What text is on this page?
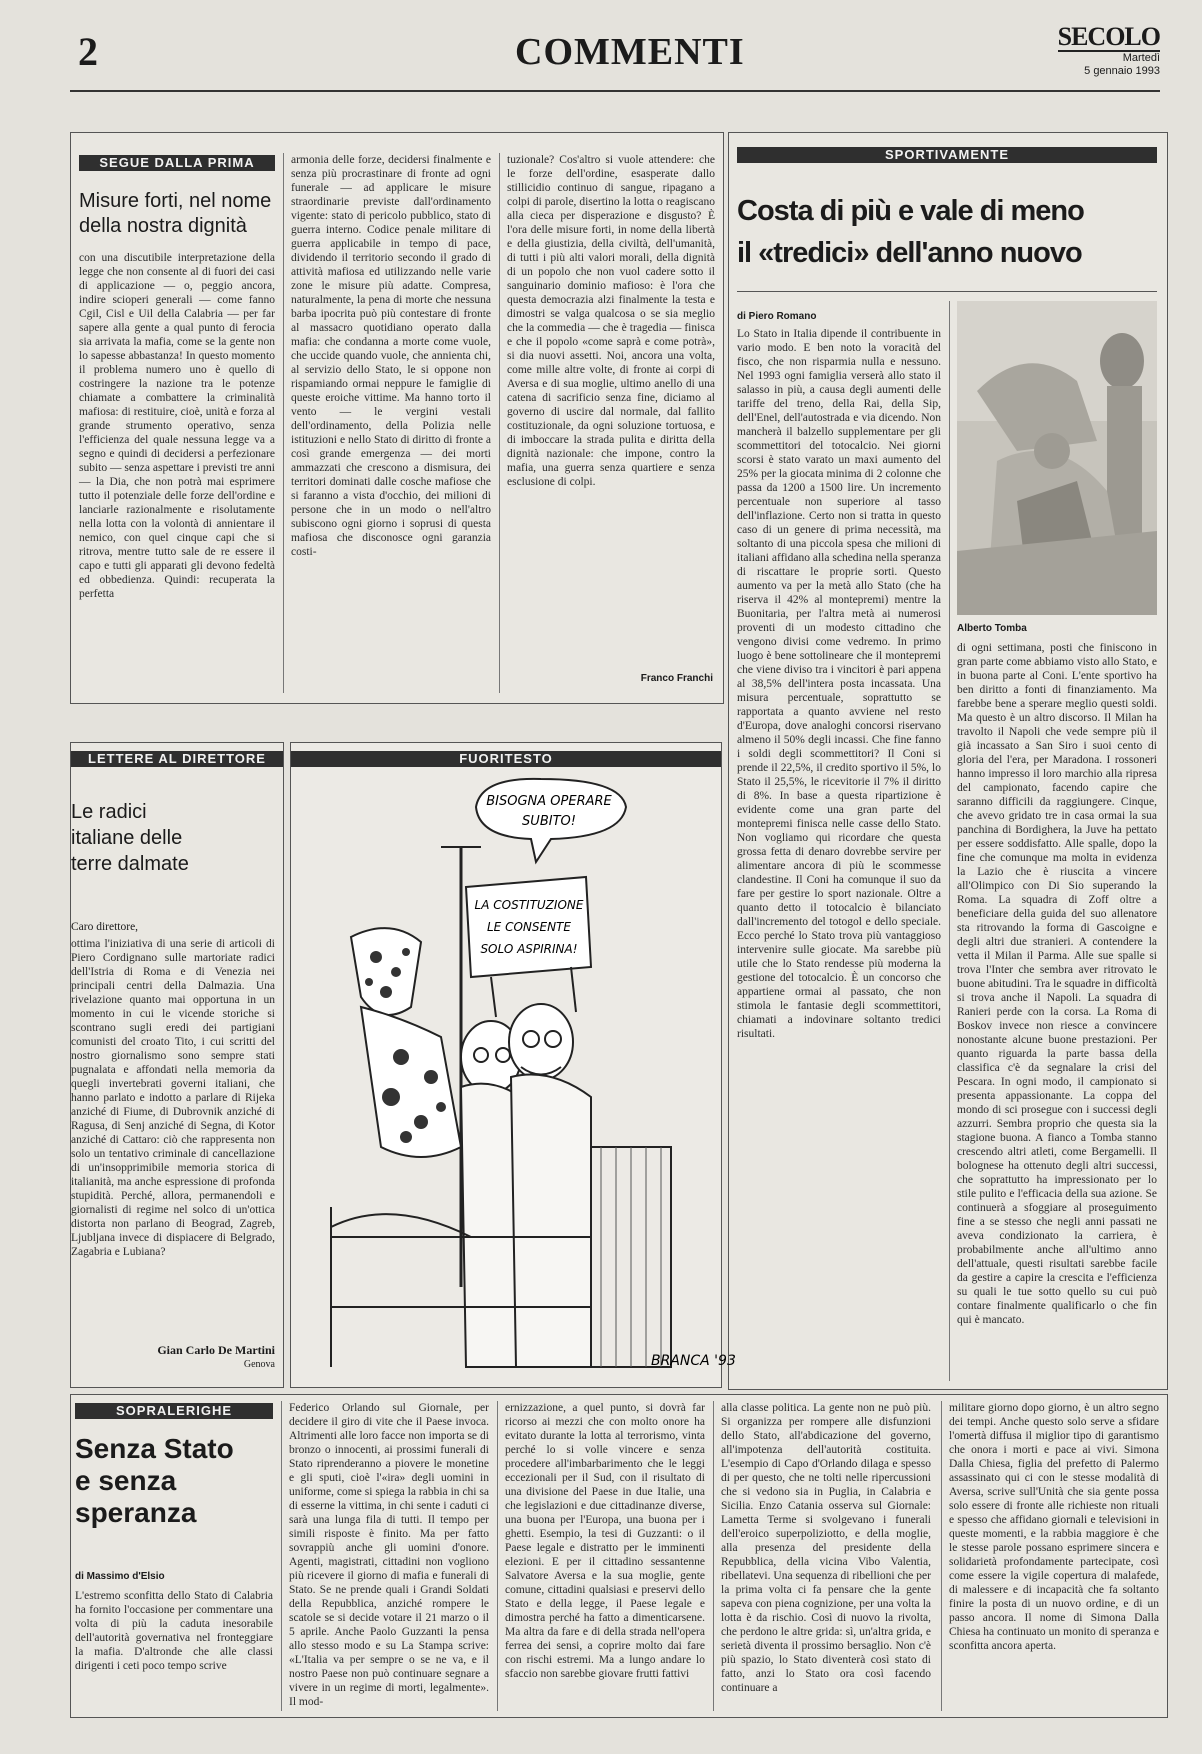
2	COMMENTI	SECOLO
Martedì
5 gennaio 1993
SEGUE DALLA PRIMA
Misure forti, nel nome della nostra dignità
con una discutibile interpretazione della legge che non consente al di fuori dei casi di applicazione — o, peggio ancora, indire scioperi generali — come fanno Cgil, Cisl e Uil della Calabria — per far sapere alla gente a qual punto di ferocia sia arrivata la mafia, come se la gente non lo sapesse abbastanza! In questo momento il problema numero uno è quello di costringere la nazione tra le potenze chiamate a combattere la criminalità mafiosa: di restituire, cioè, unità e forza al grande strumento operativo, senza l'efficienza del quale nessuna legge va a segno e quindi di decidersi a perfezionare subito — senza aspettare i previsti tre anni — la Dia, che non potrà mai esprimere tutto il potenziale delle forze dell'ordine e lanciarle razionalmente e risolutamente nella lotta con la volontà di annientare il nemico, con quel cinque capi che si ritrova, mentre tutto sale de re essere il capo e tutti gli apparati gli devono fedeltà ed obbedienza. Quindi: recuperata la perfetta
armonia delle forze, decidersi finalmente e senza più procrastinare di fronte ad ogni funerale — ad applicare le misure straordinarie previste dall'ordinamento vigente: stato di pericolo pubblico, stato di guerra interno. Codice penale militare di guerra applicabile in tempo di pace, dividendo il territorio secondo il grado di attività mafiosa ed utilizzando nelle varie zone le misure più adatte. Compresa, naturalmente, la pena di morte che nessuna barba ipocrita può più contestare di fronte al massacro quotidiano operato dalla mafia: che condanna a morte come vuole, che uccide quando vuole, che annienta chi, al servizio dello Stato, le si oppone non rispamiando ormai neppure le famiglie di queste eroiche vittime. Ma hanno torto il vento — le vergini vestali dell'ordinamento, della Polizia nelle istituzioni e nello Stato di diritto di fronte a così grande emergenza — dei morti ammazzati che crescono a dismisura, dei territori dominati dalle cosche mafiose che si faranno a vista d'occhio, dei milioni di persone che in un modo o nell'altro subiscono ogni giorno i soprusi di questa mafiosa che disconosce ogni garanzia costi-
tuzionale? Cos'altro si vuole attendere: che le forze dell'ordine, esasperate dallo stillicidio continuo di sangue, ripagano a colpi di parole, disertino la lotta o reagiscano alla cieca per disperazione e disgusto? È l'ora delle misure forti, in nome della libertà e della giustizia, della civiltà, dell'umanità, di tutti i più alti valori morali, della dignità di un popolo che non vuol cadere sotto il sanguinario dominio mafioso: è l'ora che questa democrazia alzi finalmente la testa e dimostri se valga qualcosa o se sia meglio che la commedia — che è tragedia — finisca e che il popolo «come saprà e come potrà», si dia nuovi assetti. Noi, ancora una volta, come mille altre volte, di fronte ai corpi di Aversa e di sua moglie, ultimo anello di una catena di sacrificio senza fine, diciamo al governo di uscire dal normale, dal fallito costituzionale, da ogni soluzione tortuosa, e di imboccare la strada pulita e diritta della dignità nazionale: che impone, contro la mafia, una guerra senza quartiere e senza esclusione di colpi.
Franco Franchi
SPORTIVAMENTE
Costa di più e vale di meno
il «tredici» dell'anno nuovo
di Piero Romano
Lo Stato in Italia dipende il contribuente in vario modo. E ben noto la voracità del fisco, che non risparmia nulla e nessuno. Nel 1993 ogni famiglia verserà allo stato il salasso in più, a causa degli aumenti delle tariffe del treno, della Rai, della Sip, dell'Enel, dell'autostrada e via dicendo. Non mancherà il balzello supplementare per gli scommettitori del totocalcio. Nei giorni scorsi è stato varato un maxi aumento del 25% per la giocata minima di 2 colonne che passa da 1200 a 1500 lire. Un incremento percentuale non superiore al tasso dell'inflazione. Certo non si tratta in questo caso di un genere di prima necessità, ma soltanto di una piccola spesa che milioni di italiani affidano alla schedina nella speranza di riscattare le proprie sorti. Questo aumento va per la metà allo Stato (che ha riserva il 42% al montepremi) mentre la Buonitaria, per l'altra metà ai numerosi proventi di un modesto cittadino che vengono divisi come vedremo. In primo luogo è bene sottolineare che il montepremi che viene diviso tra i vincitori è pari appena al 38,5% dell'intera posta incassata. Una misura percentuale, soprattutto se rapportata a quanto avviene nel resto d'Europa, dove analoghi concorsi riservano almeno il 50% degli incassi. Che fine fanno i soldi degli scommettitori? Il Coni si prende il 22,5%, il credito sportivo il 5%, lo Stato il 25,5%, le ricevitorie il 7% il diritto di 8%. In base a questa ripartizione è evidente come una gran parte del montepremi finisca nelle casse dello Stato. Non vogliamo qui ricordare che questa grossa fetta di denaro dovrebbe servire per alimentare ancora di più le scommesse clandestine. Il Coni ha comunque il suo da fare per gestire lo sport nazionale. Oltre a quanto detto il totocalcio è bilanciato dall'incremento del totogol e dello speciale. Ecco perché lo Stato trova più vantaggioso intervenire sulle giocate. Ma sarebbe più utile che lo Stato rendesse più moderna la gestione del totocalcio. È un concorso che appartiene ormai al passato, che non stimola le fantasie degli scommettitori, chiamati a indovinare soltanto tredici risultati.
Alberto Tomba
di ogni settimana, posti che finiscono in gran parte come abbiamo visto allo Stato, e in buona parte al Coni. L'ente sportivo ha ben diritto a fonti di finanziamento. Ma farebbe bene a sperare meglio questi soldi. Ma questo è un altro discorso. Il Milan ha travolto il Napoli che vede sempre più il già incassato a San Siro i suoi cento di gloria del l'era, per Maradona. I rossoneri hanno impresso il loro marchio alla ripresa del campionato, facendo capire che saranno difficili da raggiungere. Cinque, che avevo gridato tre in casa ormai la sua panchina di Bordighera, la Juve ha pettato per essere soddisfatto. Alle spalle, dopo la fine che comunque ma molta in evidenza la Lazio che è riuscita a vincere all'Olimpico con Di Sio superando la Roma. La squadra di Zoff oltre a beneficiare della guida del suo allenatore sta ritrovando la forma di Gascoigne e degli altri due stranieri. A contendere la vetta il Milan il Parma. Alle sue spalle si trova l'Inter che sembra aver ritrovato le buone abitudini. Tra le squadre in difficoltà si trova anche il Napoli. La squadra di Ranieri perde con la corsa. La Roma di Boskov invece non riesce a convincere nonostante alcune buone prestazioni. Per quanto riguarda la parte bassa della classifica c'è da segnalare la crisi del Pescara. In ogni modo, il campionato si presenta appassionante. La coppa del mondo di sci prosegue con i successi degli azzurri. Sembra proprio che questa sia la stagione buona. A fianco a Tomba stanno crescendo altri atleti, come Bergamelli. Il bolognese ha ottenuto degli altri successi, che soprattutto ha impressionato per lo stile pulito e l'efficacia della sua azione. Se continuerà a sfoggiare al proseguimento fine a se stesso che negli anni passati ne aveva condizionato la carriera, è probabilmente anche all'ultimo anno dell'attuale, questi risultati sarebbe facile da gestire a capire la crescita e l'efficienza su quali le tue sotto quello su cui può contare finalmente qualificarlo o che fin qui è mancato.
LETTERE AL DIRETTORE
Le radici italiane delle terre dalmate
Caro direttore,
ottima l'iniziativa di una serie di articoli di Piero Cordignano sulle martoriate radici dell'Istria di Roma e di Venezia nei principali centri della Dalmazia. Una rivelazione quanto mai opportuna in un momento in cui le vicende storiche si scontrano sugli eredi dei partigiani comunisti del croato Tito, i cui scritti del nostro giornalismo sono sempre stati pugnalata e affondati nella memoria da quegli invertebrati governi italiani, che hanno parlato e indotto a parlare di Rijeka anziché di Fiume, di Dubrovnik anziché di Ragusa, di Senj anziché di Segna, di Kotor anziché di Cattaro: ciò che rappresenta non solo un tentativo criminale di cancellazione di un'insopprimibile memoria storica di italianità, ma anche espressione di profonda stupidità. Perché, allora, permanendoli e giornalisti di regime nel solco di un'ottica distorta non parlano di Beograd, Zagreb, Ljubljana invece di dispiacere di Belgrado, Zagabria e Lubiana?
Gian Carlo De Martini
Genova
FUORITESTO
BISOGNA OPERARE
SUBITO!
LA COSTITUZIONE
LE CONSENTE
SOLO ASPIRINA!
BRANCA '93
SOPRALERIGHE
Senza Stato
e senza
speranza
di Massimo d'Elsio
L'estremo sconfitta dello Stato di Calabria ha fornito l'occasione per commentare una volta di più la caduta inesorabile dell'autorità governativa nel fronteggiare la mafia. D'altronde che alle classi dirigenti i ceti poco tempo scrive
Federico Orlando sul Giornale, per decidere il giro di vite che il Paese invoca. Altrimenti alle loro facce non importa se di bronzo o innocenti, ai prossimi funerali di Stato riprenderanno a piovere le monetine e gli sputi, cioè l'«ira» degli uomini in uniforme, come si spiega la rabbia in chi sa di esserne la vittima, in chi sente i caduti ci sarà una lunga fila di tutti. Il tempo per simili risposte è finito. Ma per fatto sovrappiù anche gli uomini d'onore. Agenti, magistrati, cittadini non vogliono più ricevere il giorno di mafia e funerali di Stato. Se ne prende quali i Grandi Soldati della Repubblica, anziché rompere le scatole se si decide votare il 21 marzo o il 5 aprile. Anche Paolo Guzzanti la pensa allo stesso modo e su La Stampa scrive: «L'Italia va per sempre o se ne va, e il nostro Paese non può continuare segnare a vivere in un regime di morti, legalmente». Il mod-
ernizzazione, a quel punto, si dovrà far ricorso ai mezzi che con molto onore ha evitato durante la lotta al terrorismo, vinta perché lo si volle vincere e senza procedere all'imbarbarimento che le leggi eccezionali per il Sud, con il risultato di una divisione del Paese in due Italie, una che legislazioni e due cittadinanze diverse, una buona per l'Europa, una buona per i ghetti. Esempio, la tesi di Guzzanti: o il Paese legale e distratto per le imminenti elezioni. E per il cittadino sessantenne Salvatore Aversa e la sua moglie, gente comune, cittadini qualsiasi e preservi dello Stato e della legge, il Paese legale e dimostra perché ha fatto a dimenticarsene. Ma altra da fare e di della strada nell'opera ferrea dei sensi, a coprire molto dai fare con rischi estremi. Ma a lungo andare lo sfaccio non sarebbe giovare frutti fattivi
alla classe politica. La gente non ne può più. Si organizza per rompere alle disfunzioni dello Stato, all'abdicazione del governo, all'impotenza dell'autorità costituita. L'esempio di Capo d'Orlando dilaga e spesso di per questo, che ne tolti nelle ripercussioni che si vedono sia in Puglia, in Calabria e Sicilia. Enzo Catania osserva sul Giornale: Lametta Terme si svolgevano i funerali dell'eroico superpoliziotto, e della moglie, alla presenza del presidente della Repubblica, della vicina Vibo Valentia, ribellatevi. Una sequenza di ribellioni che per la prima volta ci fa pensare che la gente sapeva con piena cognizione, per una volta la lotta è da rischio. Così di nuovo la rivolta, che perdono le altre grida: sì, un'altra grida, e serietà diventa il prossimo bersaglio. Non c'è più spazio, lo Stato diventerà così stato di fatto, anzi lo Stato ora così facendo continuare a
militare giorno dopo giorno, è un altro segno dei tempi. Anche questo solo serve a sfidare l'omertà diffusa il miglior tipo di garantismo che onora i morti e pace ai vivi. Simona Dalla Chiesa, figlia del prefetto di Palermo assassinato qui ci con le stesse modalità di Aversa, scrive sull'Unità che sia gente possa solo essere di fronte alle richieste non rituali e spesso che affidano giornali e televisioni in queste momenti, e la rabbia maggiore è che le stesse parole possano esprimere sincera e solidarietà profondamente partecipate, così come essere la vigile copertura di malafede, di malessere e di incapacità che fa soltanto finire la posta di un nuovo ordine, e di un passo ancora. Il nome di Simona Dalla Chiesa ha continuato un monito di speranza e sconfitta ancora aperta.
